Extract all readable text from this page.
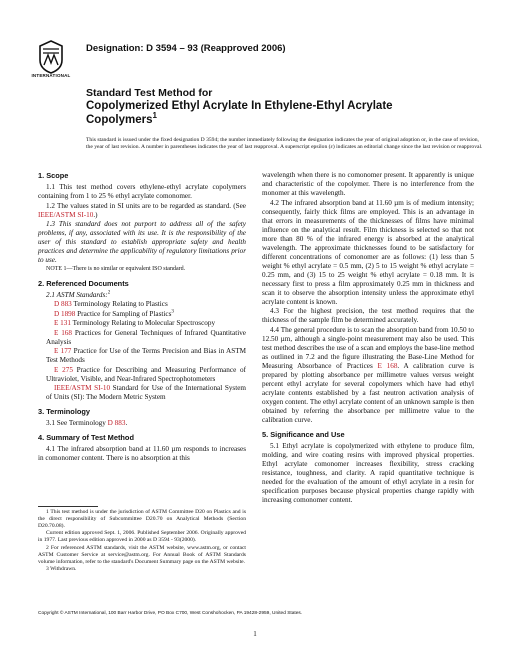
INTERNATIONAL
Designation: D 3594 – 93 (Reapproved 2006)
Standard Test Method for
Copolymerized Ethyl Acrylate In Ethylene-Ethyl Acrylate
Copolymers$^1$
This standard is issued under the fixed designation D 3594; the number immediately following the designation indicates the year of original adoption or, in the case of revision, the year of last revision. A number in parentheses indicates the year of last reapproval. A superscript epsilon (ε) indicates an editorial change since the last revision or reapproval.
1. Scope

1.1 This test method covers ethylene-ethyl acrylate copolymers containing from 1 to 25 % ethyl acrylate comonomer.

1.2 The values stated in SI units are to be regarded as standard. (See IEEE/ASTM SI-10.)

1.3 This standard does not purport to address all of the safety problems, if any, associated with its use. It is the responsibility of the user of this standard to establish appropriate safety and health practices and determine the applicability of regulatory limitations prior to use.

NOTE 1—There is no similar or equivalent ISO standard.

2. Referenced Documents

2.1 ASTM Standards:$^2$

D 883 Terminology Relating to Plastics

D 1898 Practice for Sampling of Plastics$^3$

E 131 Terminology Relating to Molecular Spectroscopy

E 168 Practices for General Techniques of Infrared Quantitative Analysis

E 177 Practice for Use of the Terms Precision and Bias in ASTM Test Methods

E 275 Practice for Describing and Measuring Performance of Ultraviolet, Visible, and Near-Infrared Spectrophotometers

IEEE/ASTM SI-10 Standard for Use of the International System of Units (SI): The Modern Metric System

3. Terminology

3.1 See Terminology D 883.

4. Summary of Test Method

4.1 The infrared absorption band at 11.60 µm responds to increases in comonomer content. There is no absorption at this

wavelength when there is no comonomer present. It apparently is unique and characteristic of the copolymer. There is no interference from the monomer at this wavelength.

4.2 The infrared absorption band at 11.60 µm is of medium intensity; consequently, fairly thick films are employed. This is an advantage in that errors in measurements of the thicknesses of films have minimal influence on the analytical result. Film thickness is selected so that not more than 80 % of the infrared energy is absorbed at the analytical wavelength. The approximate thicknesses found to be satisfactory for different concentrations of comonomer are as follows: (1) less than 5 weight % ethyl acrylate = 0.5 mm, (2) 5 to 15 weight % ethyl acrylate = 0.25 mm, and (3) 15 to 25 weight % ethyl acrylate = 0.18 mm. It is necessary first to press a film approximately 0.25 mm in thickness and scan it to observe the absorption intensity unless the approximate ethyl acrylate content is known.

4.3 For the highest precision, the test method requires that the thickness of the sample film be determined accurately.

4.4 The general procedure is to scan the absorption band from 10.50 to 12.50 µm, although a single-point measurement may also be used. This test method describes the use of a scan and employs the base-line method as outlined in 7.2 and the figure illustrating the Base-Line Method for Measuring Absorbance of Practices E 168. A calibration curve is prepared by plotting absorbance per millimetre values versus weight percent ethyl acrylate for several copolymers which have had ethyl acrylate contents established by a fast neutron activation analysis of oxygen content. The ethyl acrylate content of an unknown sample is then obtained by referring the absorbance per millimetre value to the calibration curve.

5. Significance and Use

5.1 Ethyl acrylate is copolymerized with ethylene to produce film, molding, and wire coating resins with improved physical properties. Ethyl acrylate comonomer increases flexibility, stress cracking resistance, toughness, and clarity. A rapid quantitative technique is needed for the evaluation of the amount of ethyl acrylate in a resin for specification purposes because physical properties change rapidly with increasing comonomer content.

1 This test method is under the jurisdiction of ASTM Committee D20 on Plastics and is the direct responsibility of Subcommittee D20.70 on Analytical Methods (Section D20.70.08).

Current edition approved Sept. 1, 2006. Published September 2006. Originally approved in 1977. Last previous edition approved in 2000 as D 3594 - 93(2000).

2 For referenced ASTM standards, visit the ASTM website, www.astm.org, or contact ASTM Customer Service at service@astm.org. For Annual Book of ASTM Standards volume information, refer to the standard's Document Summary page on the ASTM website.

3 Withdrawn.

Copyright © ASTM International, 100 Barr Harbor Drive, PO Box C700, West Conshohocken, PA 19428-2959, United States.
1
